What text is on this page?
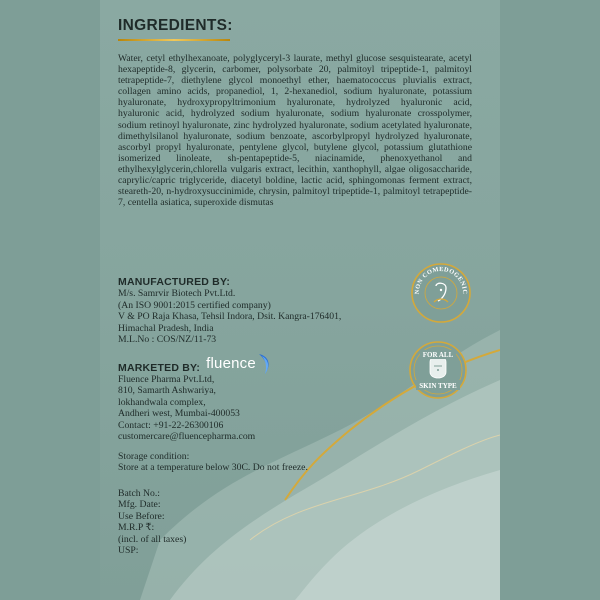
INGREDIENTS:
Water, cetyl ethylhexanoate, polyglyceryl-3 laurate, methyl glucose sesquistearate, acetyl hexapeptide-8, glycerin, carbomer, polysorbate 20, palmitoyl tripeptide-1, palmitoyl tetrapeptide-7, diethylene glycol monoethyl ether, haematococcus pluvialis extract, collagen amino acids, propanediol, 1, 2-hexanediol, sodium hyaluronate, potassium hyaluronate, hydroxypropyltrimonium hyaluronate, hydrolyzed hyaluronic acid, hyaluronic acid, hydrolyzed sodium hyaluronate, sodium hyaluronate crosspolymer, sodium retinoyl hyaluronate, zinc hydrolyzed hyaluronate, sodium acetylated hyaluronate, dimethylsilanol hyaluronate, sodium benzoate, ascorbylpropyl hydrolyzed hyaluronate, ascorbyl propyl hyaluronate, pentylene glycol, butylene glycol, potassium glutathione isomerized linoleate, sh-pentapeptide-5, niacinamide, phenoxyethanol and ethylhexylglycerin,chlorella vulgaris extract, lecithin, xanthophyll, algae oligosaccharide, caprylic/capric triglyceride, diacetyl boldine, lactic acid, sphingomonas ferment extract, steareth-20, n-hydroxysuccinimide, chrysin, palmitoyl tripeptide-1, palmitoyl tetrapeptide-7, centella asiatica, superoxide dismutas
MANUFACTURED BY:
M/s. Samrvir Biotech Pvt.Ltd.
(An ISO 9001:2015 certified company)
V & PO Raja Khasa, Tehsil Indora, Dsit. Kangra-176401,
Himachal Pradesh, India
M.L.No : COS/NZ/11-73
MARKETED BY: fluence
Fluence Pharma Pvt.Ltd,
810, Samarth Ashwariya,
lokhandwala complex,
Andheri west, Mumbai-400053
Contact: +91-22-26300106
customercare@fluencepharma.com
Storage condition:
Store at a temperature below 30C. Do not freeze.
Batch No.:
Mfg. Date:
Use Before:
M.R.P ₹:
(incl. of all taxes)
USP:
NON COMEDOGENIC
FOR ALL
SKIN TYPE
